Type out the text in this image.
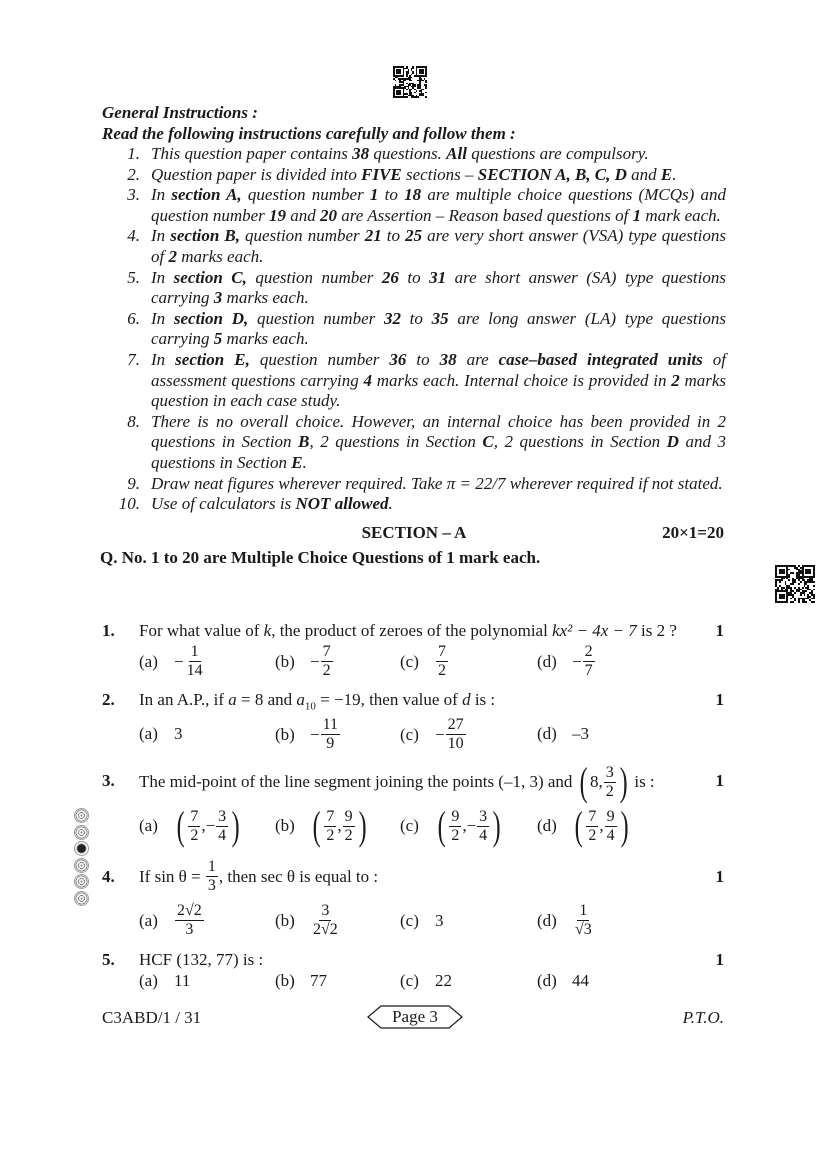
General Instructions :
Read the following instructions carefully and follow them :
1. This question paper contains 38 questions. All questions are compulsory.
2. Question paper is divided into FIVE sections – SECTION A, B, C, D and E.
3. In section A, question number 1 to 18 are multiple choice questions (MCQs) and question number 19 and 20 are Assertion – Reason based questions of 1 mark each.
4. In section B, question number 21 to 25 are very short answer (VSA) type questions of 2 marks each.
5. In section C, question number 26 to 31 are short answer (SA) type questions carrying 3 marks each.
6. In section D, question number 32 to 35 are long answer (LA) type questions carrying 5 marks each.
7. In section E, question number 36 to 38 are case–based integrated units of assessment questions carrying 4 marks each. Internal choice is provided in 2 marks question in each case study.
8. There is no overall choice. However, an internal choice has been provided in 2 questions in Section B, 2 questions in Section C, 2 questions in Section D and 3 questions in Section E.
9. Draw neat figures wherever required. Take π = 22/7 wherever required if not stated.
10. Use of calculators is NOT allowed.
SECTION – A	20×1=20
Q. No. 1 to 20 are Multiple Choice Questions of 1 mark each.
1. For what value of k, the product of zeroes of the polynomial kx² − 4x − 7 is 2 ? 1
$(a) - \frac{1}{14}$	$(b) - \frac{7}{2}$	(c)	$\frac{7}{2}$	$(d) - \frac{2}{7}$
2. In an A.P., if a = 8 and $a_{10} = -19$, then value of d is :	1
(a) 3	$(b) - \frac{11}{9}$	$(c) - \frac{27}{10}$	(d) –3
3. The mid-point of the line segment joining the points (–1, 3) and
( 8, $\frac{3}{2}$ )
is :	1
(a) ( $\frac{7}{2}$ , − $\frac{3}{4}$ ) (b) ( $\frac{7}{2}$ , $\frac{9}{2}$ ) (c) ( $\frac{9}{2}$ , − $\frac{3}{4}$ ) (d) ( $\frac{7}{2}$ , $\frac{9}{4}$ )
4. If sin θ =
$\frac{1}{3}$ , then sec θ is equal to :	1
(a)	$\frac{2√2}{3}$	(b)	$\frac{3}{2√2}$	(c) 3	(d)	$\frac{1}{√3}$
5. HCF (132, 77) is :	1
(a) 11	(b) 77	(c) 22	(d) 44
C3ABD/1 / 31	Page 3	P.T.O.
